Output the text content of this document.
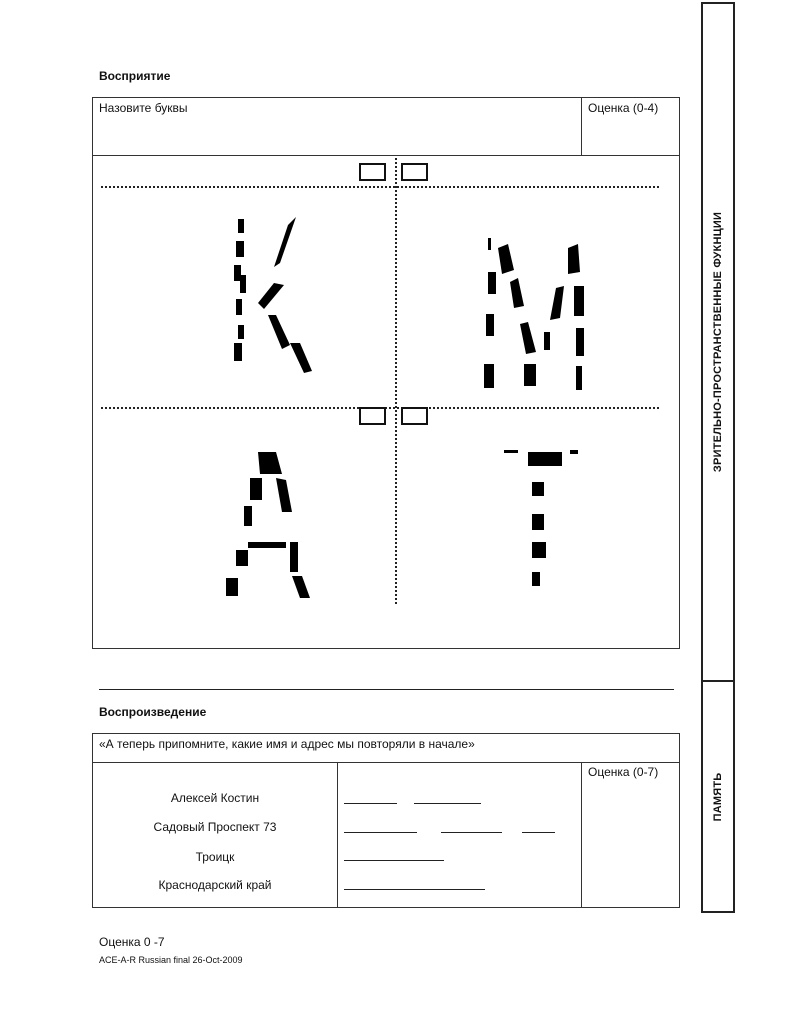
Восприятие
Назовите буквы	Оценка (0-4)
Воспроизведение
«А теперь припомните, какие имя и адрес мы повторяли в начале»
Оценка (0-7)
Алексей Костин
Садовый Проспект 73
Троицк
Краснодарский край
ЗРИТЕЛЬНО-ПРОСТРАНСТВЕННЫЕ ФУКНЦИИ
ПАМЯТЬ
Оценка 0 -7
ACE-A-R Russian final 26-Oct-2009
